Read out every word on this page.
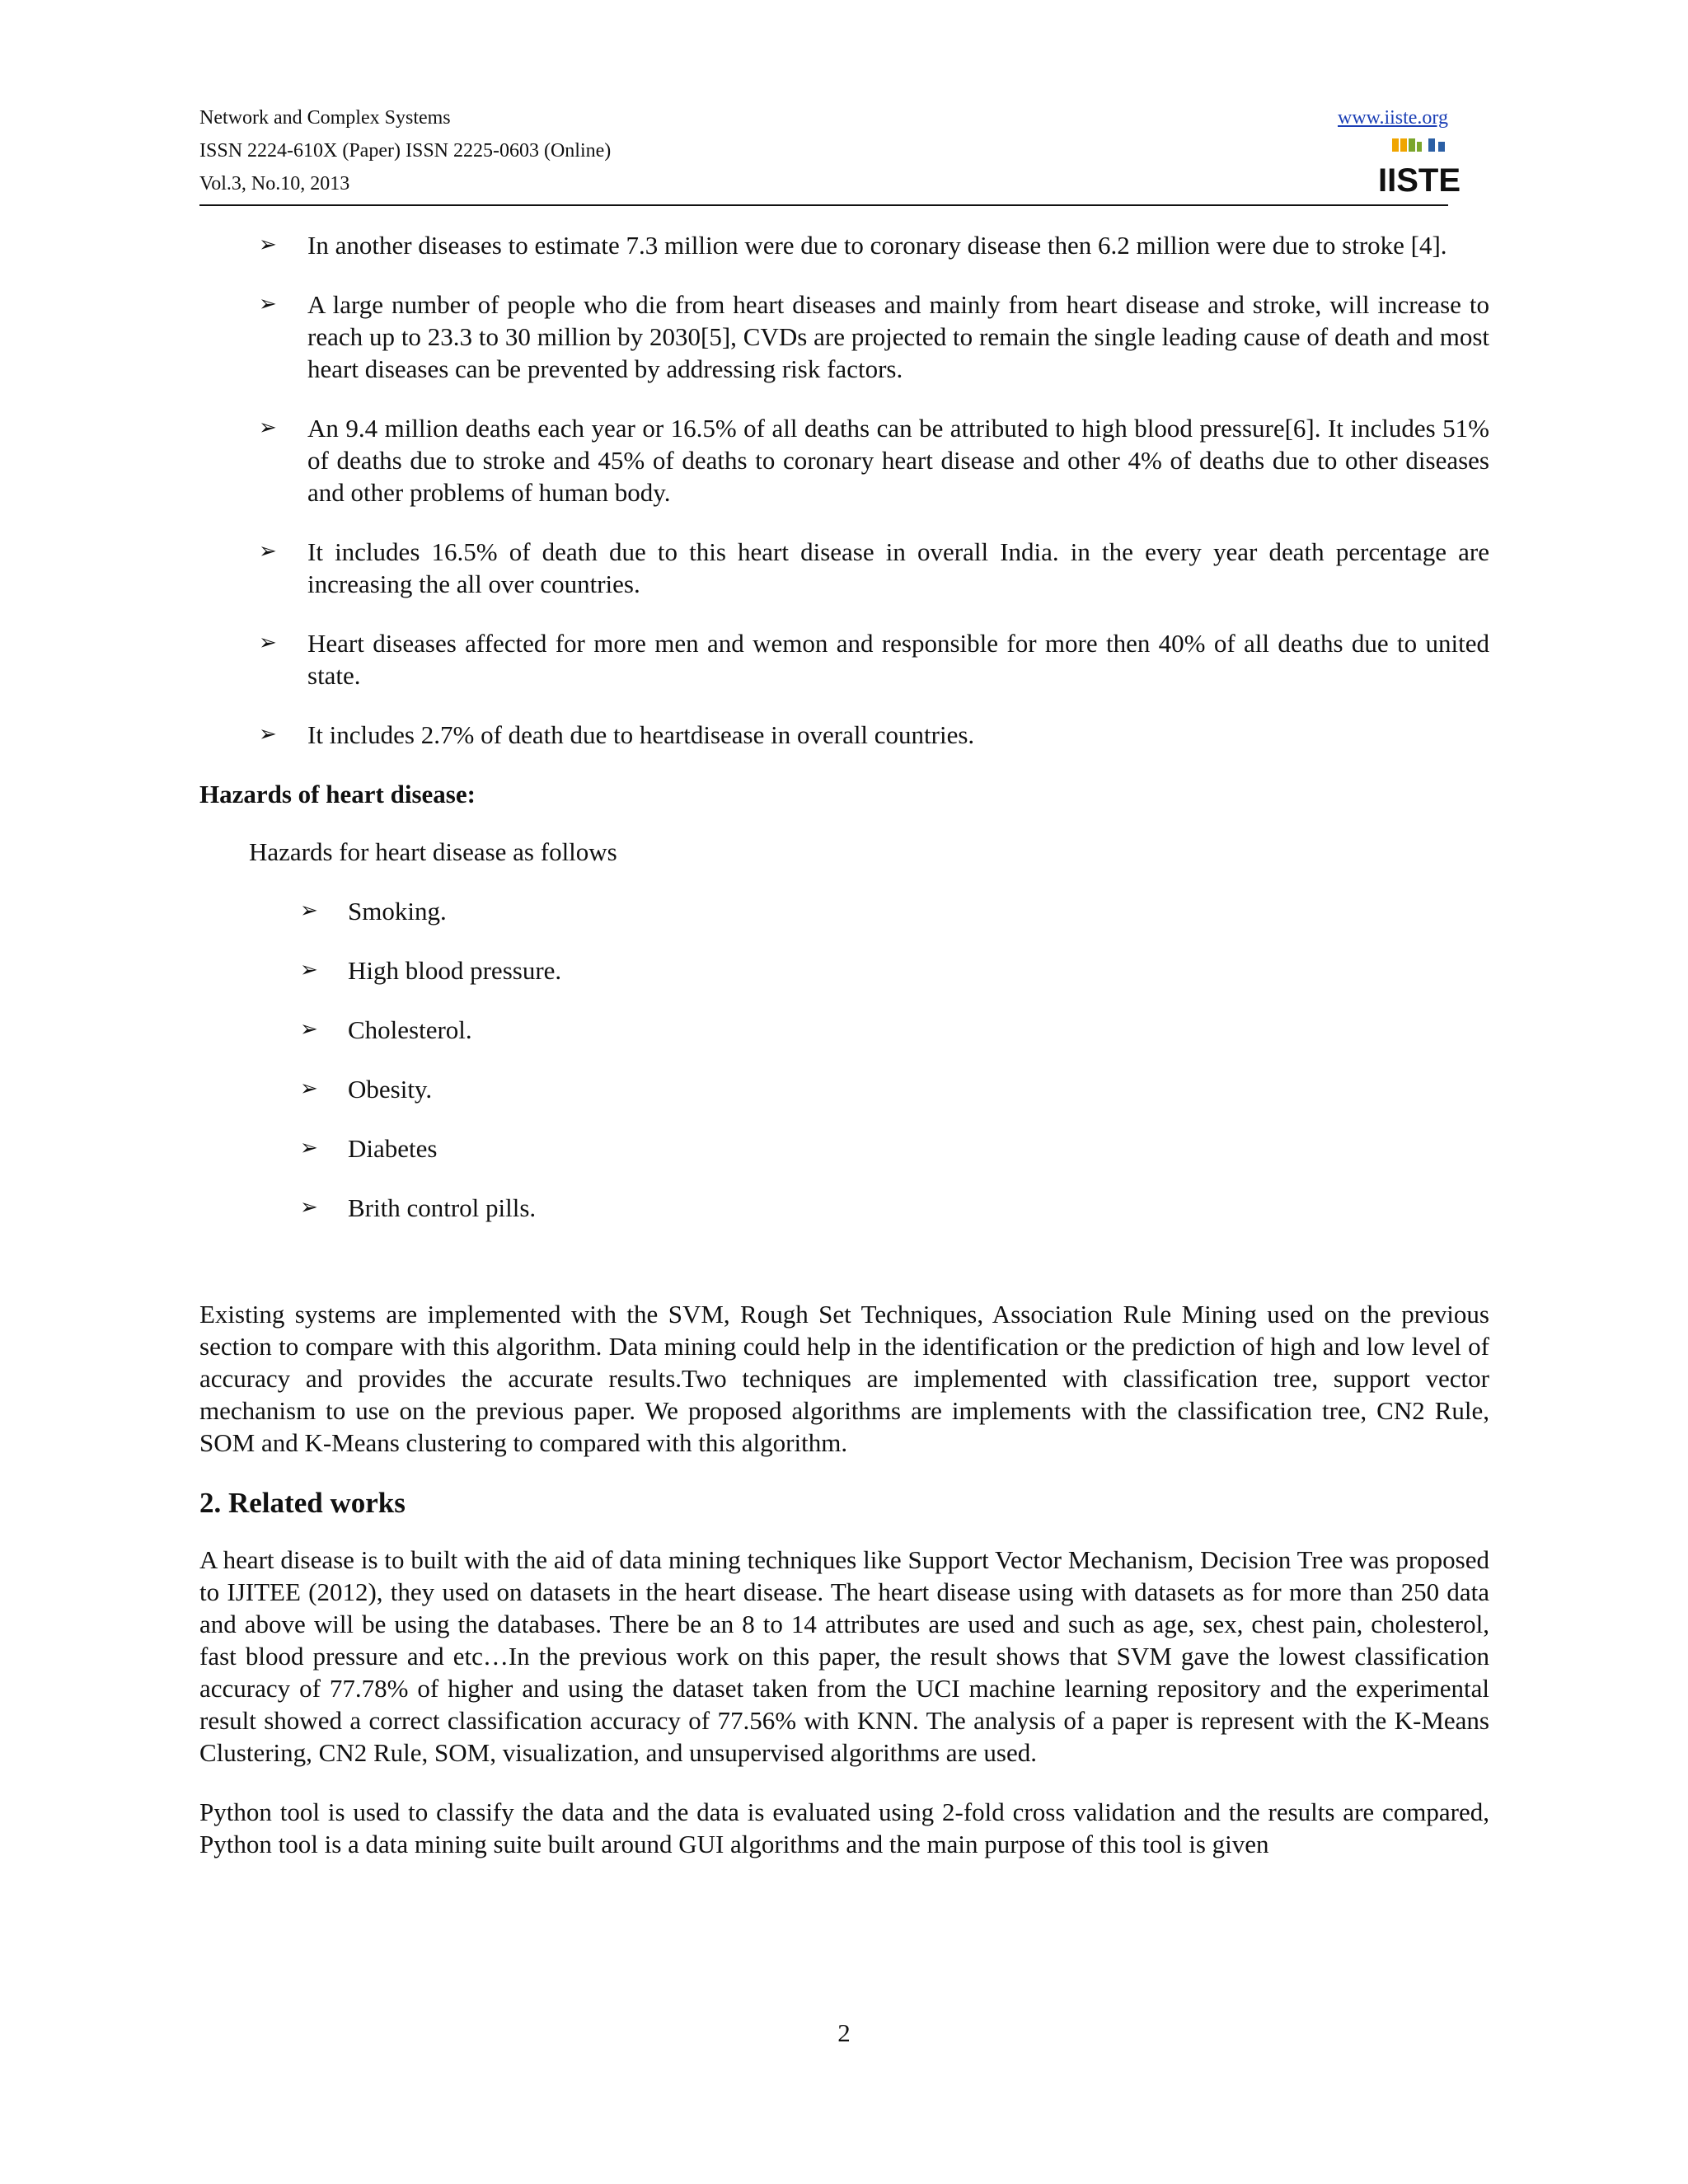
Network and Complex Systems
ISSN 2224-610X (Paper) ISSN 2225-0603 (Online)
Vol.3, No.10, 2013
www.iiste.org
IISTE
➢ In another diseases to estimate 7.3 million were due to coronary disease then 6.2 million were due to stroke [4].
➢ A large number of people who die from heart diseases and mainly from heart disease and stroke, will increase to reach up to 23.3 to 30 million by 2030[5], CVDs are projected to remain the single leading cause of death and most heart diseases can be prevented by addressing risk factors.
➢ An 9.4 million deaths each year or 16.5% of all deaths can be attributed to high blood pressure[6]. It includes 51% of deaths due to stroke and 45% of deaths to coronary heart disease and other 4% of deaths due to other diseases and other problems of human body.
➢ It includes 16.5% of death due to this heart disease in overall India. in the every year death percentage are increasing the all over countries.
➢ Heart diseases affected for more men and wemon and responsible for more then 40% of all deaths due to united state.
➢ It includes 2.7% of death due to heartdisease in overall countries.
Hazards of heart disease:
Hazards for heart disease as follows
➢ Smoking.
➢ High blood pressure.
➢ Cholesterol.
➢ Obesity.
➢ Diabetes
➢ Brith control pills.

Existing systems are implemented with the SVM, Rough Set Techniques, Association Rule Mining used on the previous section to compare with this algorithm. Data mining could help in the identification or the prediction of high and low level of accuracy and provides the accurate results.Two techniques are implemented with classification tree, support vector mechanism to use on the previous paper. We proposed algorithms are implements with the classification tree, CN2 Rule, SOM and K-Means clustering to compared with this algorithm.

2. Related works

A heart disease is to built with the aid of data mining techniques like Support Vector Mechanism, Decision Tree was proposed to IJITEE (2012), they used on datasets in the heart disease. The heart disease using with datasets as for more than 250 data and above will be using the databases. There be an 8 to 14 attributes are used and such as age, sex, chest pain, cholesterol, fast blood pressure and etc…In the previous work on this paper, the result shows that SVM gave the lowest classification accuracy of 77.78% of higher and using the dataset taken from the UCI machine learning repository and the experimental result showed a correct classification accuracy of 77.56% with KNN. The analysis of a paper is represent with the K-Means Clustering, CN2 Rule, SOM, visualization, and unsupervised algorithms are used.

Python tool is used to classify the data and the data is evaluated using 2-fold cross validation and the results are compared, Python tool is a data mining suite built around GUI algorithms and the main purpose of this tool is given

2
